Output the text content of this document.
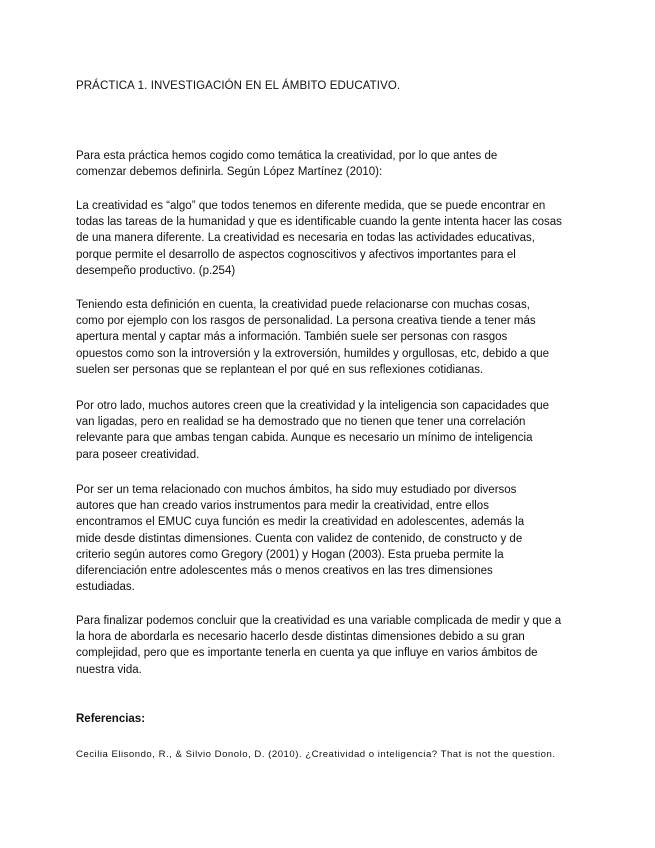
PRÁCTICA 1. INVESTIGACIÓN EN EL ÁMBITO EDUCATIVO.

Para esta práctica hemos cogido como temática la creatividad, por lo que antes de
comenzar debemos definirla. Según López Martínez (2010):

La creatividad es “algo” que todos tenemos en diferente medida, que se puede encontrar en
todas las tareas de la humanidad y que es identificable cuando la gente intenta hacer las cosas
de una manera diferente. La creatividad es necesaria en todas las actividades educativas,
porque permite el desarrollo de aspectos cognoscitivos y afectivos importantes para el
desempeño productivo. (p.254)

Teniendo esta definición en cuenta, la creatividad puede relacionarse con muchas cosas,
como por ejemplo con los rasgos de personalidad. La persona creativa tiende a tener más
apertura mental y captar más a información. También suele ser personas con rasgos
opuestos como son la introversión y la extroversión, humildes y orgullosas, etc, debido a que
suelen ser personas que se replantean el por qué en sus reflexiones cotidianas.

Por otro lado, muchos autores creen que la creatividad y la inteligencia son capacidades que
van ligadas, pero en realidad se ha demostrado que no tienen que tener una correlación
relevante para que ambas tengan cabida. Aunque es necesario un mínimo de inteligencia
para poseer creatividad.

Por ser un tema relacionado con muchos ámbitos, ha sido muy estudiado por diversos
autores que han creado varios instrumentos para medir la creatividad, entre ellos
encontramos el EMUC cuya función es medir la creatividad en adolescentes, además la
mide desde distintas dimensiones. Cuenta con validez de contenido, de constructo y de
criterio según autores como Gregory (2001) y Hogan (2003). Esta prueba permite la
diferenciación entre adolescentes más o menos creativos en las tres dimensiones
estudiadas.

Para finalizar podemos concluir que la creatividad es una variable complicada de medir y que a
la hora de abordarla es necesario hacerlo desde distintas dimensiones debido a su gran
complejidad, pero que es importante tenerla en cuenta ya que influye en varios ámbitos de
nuestra vida.

Referencias:

Cecilia Elisondo, R., & Silvio Donolo, D. (2010). ¿Creatividad o inteligencia? That is not the question.
